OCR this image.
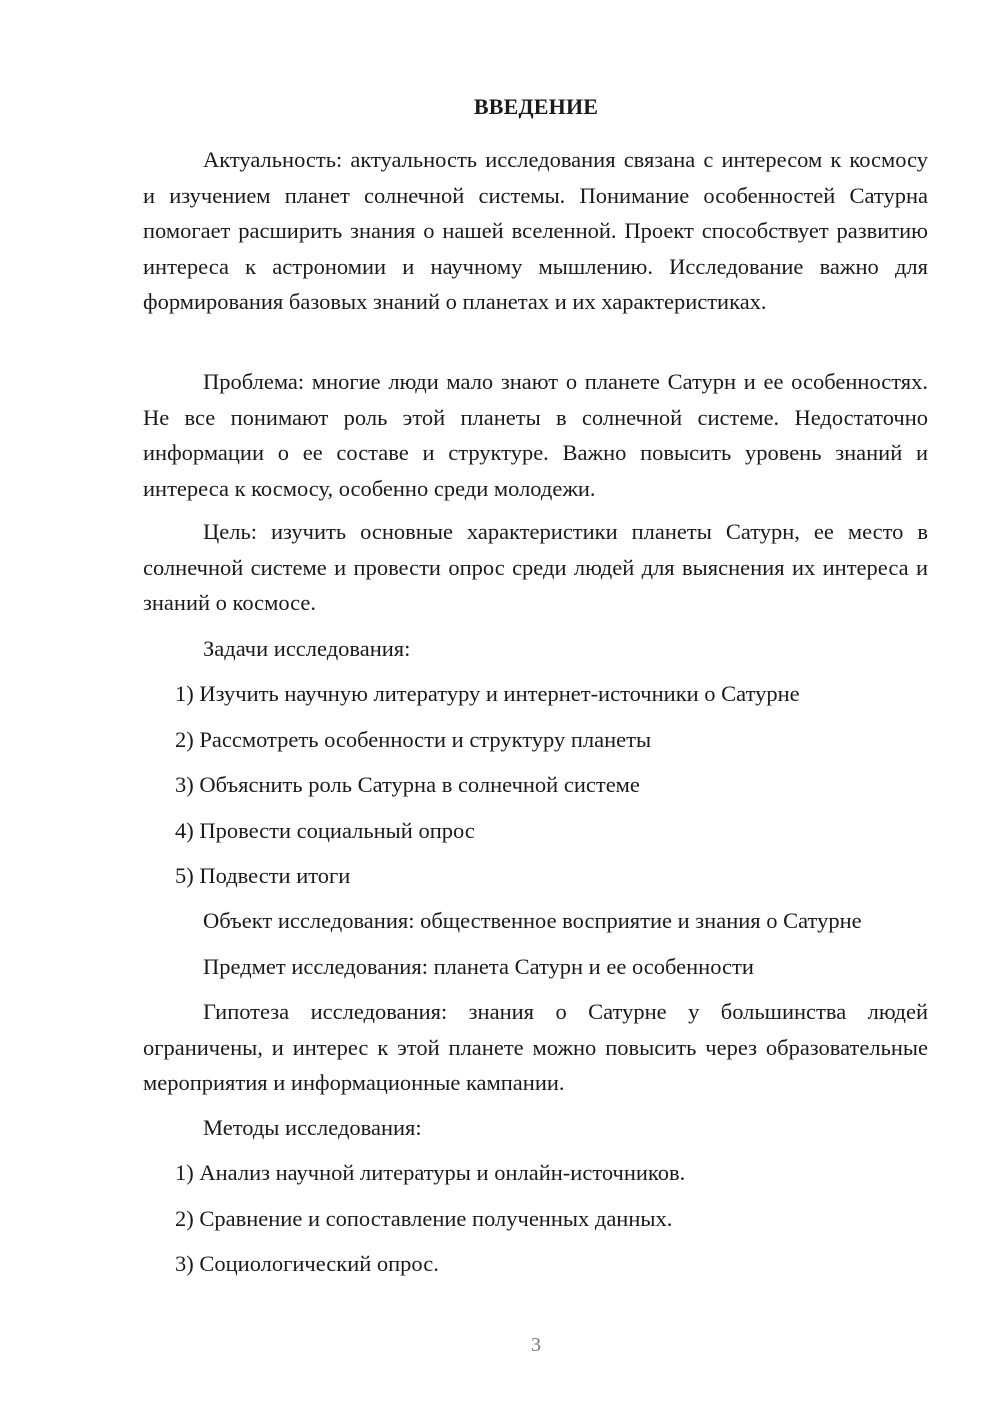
ВВЕДЕНИЕ

Актуальность: актуальность исследования связана с интересом к космосу и изучением планет солнечной системы. Понимание особенностей Сатурна помогает расширить знания о нашей вселенной. Проект способствует развитию интереса к астрономии и научному мышлению. Исследование важно для формирования базовых знаний о планетах и их характеристиках.

Проблема: многие люди мало знают о планете Сатурн и ее особенностях. Не все понимают роль этой планеты в солнечной системе. Недостаточно информации о ее составе и структуре. Важно повысить уровень знаний и интереса к космосу, особенно среди молодежи.

Цель: изучить основные характеристики планеты Сатурн, ее место в солнечной системе и провести опрос среди людей для выяснения их интереса и знаний о космосе.

Задачи исследования:
1) Изучить научную литературу и интернет-источники о Сатурне
2) Рассмотреть особенности и структуру планеты
3) Объяснить роль Сатурна в солнечной системе
4) Провести социальный опрос
5) Подвести итоги
Объект исследования: общественное восприятие и знания о Сатурне
Предмет исследования: планета Сатурн и ее особенности

Гипотеза исследования: знания о Сатурне у большинства людей ограничены, и интерес к этой планете можно повысить через образовательные мероприятия и информационные кампании.

Методы исследования:
1) Анализ научной литературы и онлайн-источников.
2) Сравнение и сопоставление полученных данных.
3) Социологический опрос.
3
